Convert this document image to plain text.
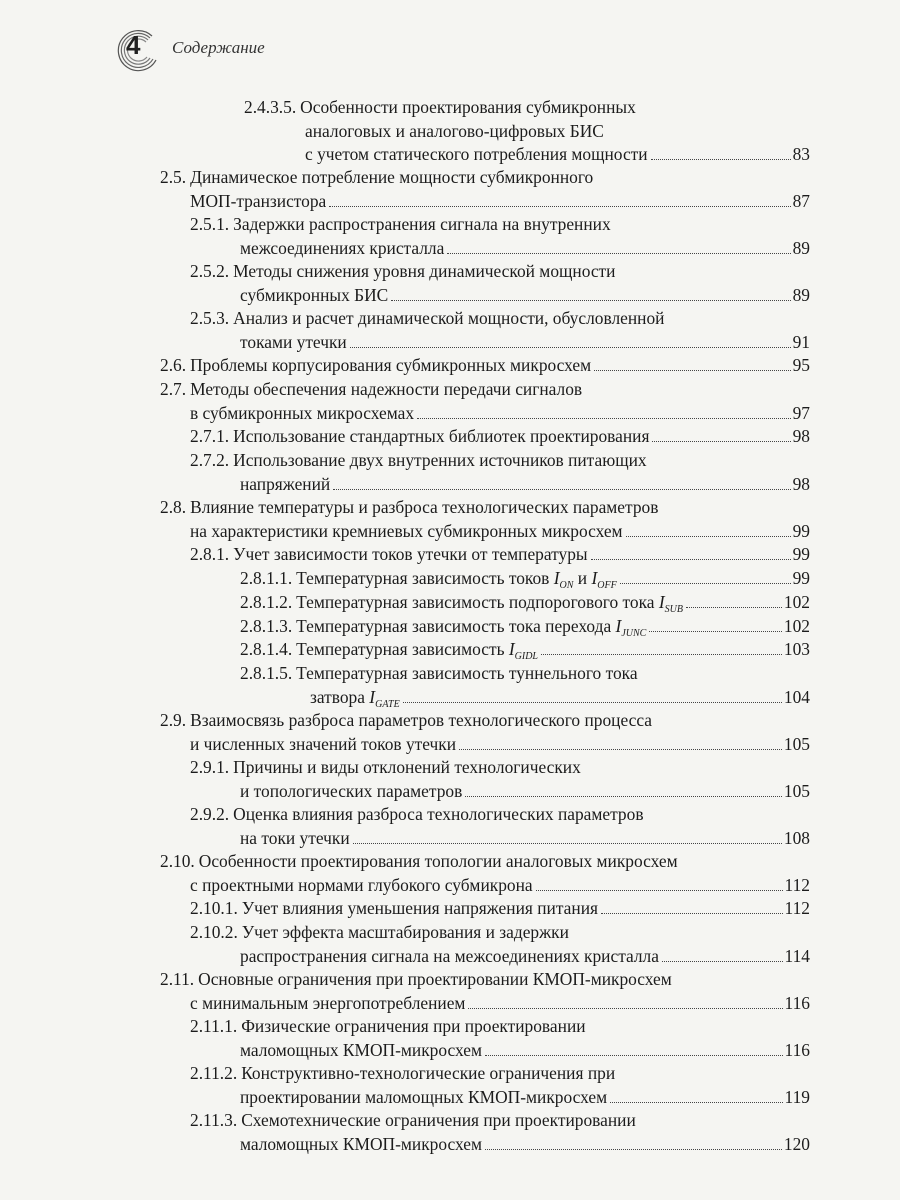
4 Содержание
2.4.3.5.Особенности проектирования субмикронных
аналоговых и аналогово-цифровых БИС
с учетом статического потребления мощности	83
2.5.Динамическое потребление мощности субмикронного
МОП-транзистора	87
2.5.1.Задержки распространения сигнала на внутренних
межсоединениях кристалла	89
2.5.2.Методы снижения уровня динамической мощности
субмикронных БИС	89
2.5.3.Анализ и расчет динамической мощности, обусловленной
токами утечки	91
2.6. Проблемы корпусирования субмикронных микросхем	95
2.7.Методы обеспечения надежности передачи сигналов
в субмикронных микросхемах	97
2.7.1. Использование стандартных библиотек проектирования	98
2.7.2.Использование двух внутренних источников питающих
напряжений	98
2.8.Влияние температуры и разброса технологических параметров
на характеристики кремниевых субмикронных микросхем	99
2.8.1. Учет зависимости токов утечки от температуры	99
2.8.1.1. Температурная зависимость токов $I_{ON}$ и $I_{OFF}$	99
2.8.1.2. Температурная зависимость подпорогового тока $I_{SUB}$	102
2.8.1.3. Температурная зависимость тока перехода $I_{JUNC}$	102
2.8.1.4. Температурная зависимость $I_{GIDL}$	103
2.8.1.5.Температурная зависимость туннельного тока
затвора $I_{GATE}$	104
2.9.Взаимосвязь разброса параметров технологического процесса
и численных значений токов утечки	105
2.9.1.Причины и виды отклонений технологических
и топологических параметров	105
2.9.2.Оценка влияния разброса технологических параметров
на токи утечки	108
2.10.Особенности проектирования топологии аналоговых микросхем
с проектными нормами глубокого субмикрона	112
2.10.1. Учет влияния уменьшения напряжения питания	112
2.10.2.Учет эффекта масштабирования и задержки
распространения сигнала на межсоединениях кристалла	114
2.11.Основные ограничения при проектировании КМОП-микросхем
с минимальным энергопотреблением	116
2.11.1.Физические ограничения при проектировании
маломощных КМОП-микросхем	116
2.11.2.Конструктивно-технологические ограничения при
проектировании маломощных КМОП-микросхем	119
2.11.3.Схемотехнические ограничения при проектировании
маломощных КМОП-микросхем	120
